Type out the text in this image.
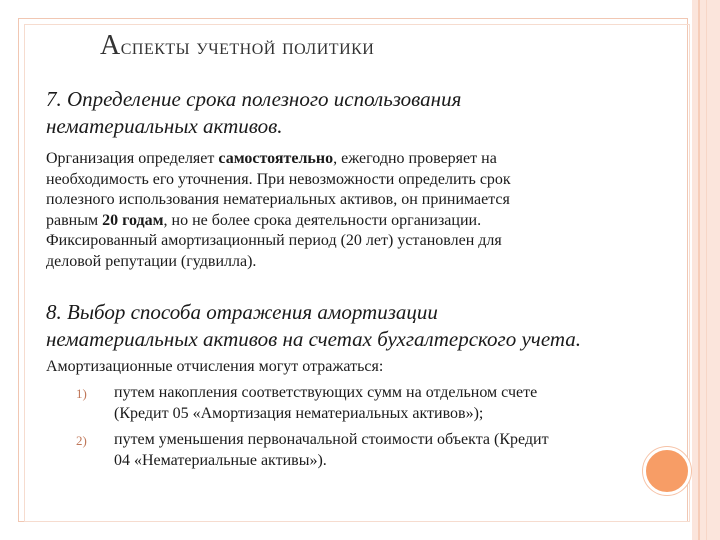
Аспекты учетной политики
7. Определение срока полезного использования
нематериальных активов.
Организация определяет самостоятельно, ежегодно проверяет на
необходимость его уточнения. При невозможности определить срок
полезного использования нематериальных активов, он принимается
равным 20 годам, но не более срока деятельности организации.
Фиксированный амортизационный период (20 лет) установлен для
деловой репутации (гудвилла).
8. Выбор способа отражения амортизации
нематериальных активов на счетах бухгалтерского учета.
Амортизационные отчисления могут отражаться:
1) путем накопления соответствующих сумм на отдельном счете
(Кредит 05 «Амортизация нематериальных активов»);
2) путем уменьшения первоначальной стоимости объекта (Кредит
04 «Нематериальные активы»).
